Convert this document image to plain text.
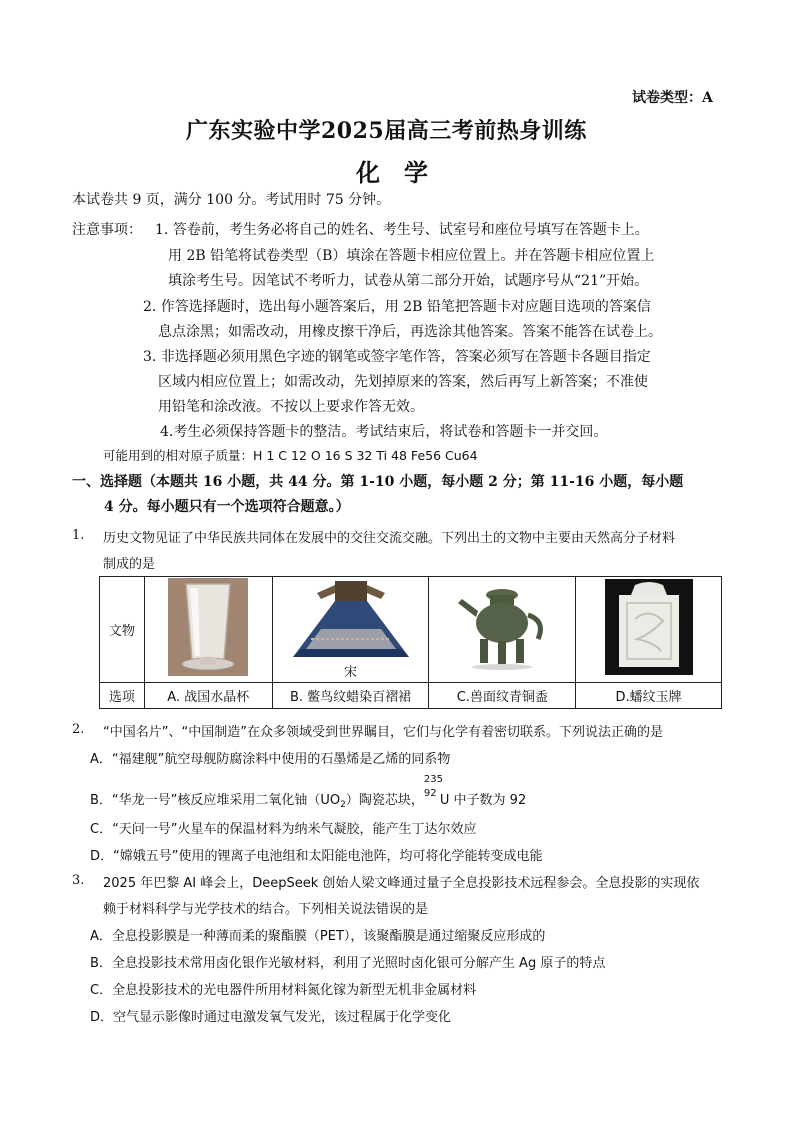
试卷类型：A
广东实验中学2025届高三考前热身训练
化　学
本试卷共 9 页，满分 100 分。考试用时 75 分钟。
注意事项： 1. 答卷前，考生务必将自己的姓名、考生号、试室号和座位号填写在答题卡上。
用 2B 铅笔将试卷类型（B）填涂在答题卡相应位置上。并在答题卡相应位置上
填涂考生号。因笔试不考听力，试卷从第二部分开始，试题序号从“21”开始。
2. 作答选择题时，选出每小题答案后，用 2B 铅笔把答题卡对应题目选项的答案信
息点涂黑；如需改动，用橡皮擦干净后，再选涂其他答案。答案不能答在试卷上。
3. 非选择题必须用黑色字迹的钢笔或签字笔作答，答案必须写在答题卡各题目指定
区域内相应位置上；如需改动，先划掉原来的答案，然后再写上新答案；不准使
用铅笔和涂改液。不按以上要求作答无效。
4.考生必须保持答题卡的整洁。考试结束后，将试卷和答题卡一并交回。
可能用到的相对原子质量：H 1 C 12 O 16 S 32 Ti 48 Fe56 Cu64
一、选择题（本题共 16 小题，共 44 分。第 1-10 小题，每小题 2 分；第 11-16 小题，每小题
4 分。每小题只有一个选项符合题意。）
1. 历史文物见证了中华民族共同体在发展中的交往交流交融。下列出土的文物中主要由天然高分子材料
制成的是
文物		宋

选项	A. 战国水晶杯	B. 鳖鸟纹蜡染百褶裙	C.兽面纹青铜盉	D.蟠纹玉牌
2. “中国名片”、“中国制造”在众多领域受到世界瞩目，它们与化学有着密切联系。下列说法正确的是
A．“福建舰”航空母舰防腐涂料中使用的石墨烯是乙烯的同系物
B．“华龙一号”核反应堆采用二氧化铀$(UO_2)$陶瓷芯块，
235
92 U 中子数为 92
C．“天问一号”火星车的保温材料为纳米气凝胶，能产生丁达尔效应
D．“嫦娥五号”使用的锂离子电池组和太阳能电池阵，均可将化学能转变成电能
3. 2025 年巴黎 AI 峰会上，DeepSeek 创始人梁文峰通过量子全息投影技术远程参会。全息投影的实现依
赖于材料科学与光学技术的结合。下列相关说法错误的是
A．全息投影膜是一种薄而柔的聚酯膜（PET），该聚酯膜是通过缩聚反应形成的
B．全息投影技术常用卤化银作光敏材料，利用了光照时卤化银可分解产生 Ag 原子的特点
C．全息投影技术的光电器件所用材料氮化镓为新型无机非金属材料
D．空气显示影像时通过电激发氧气发光，该过程属于化学变化
